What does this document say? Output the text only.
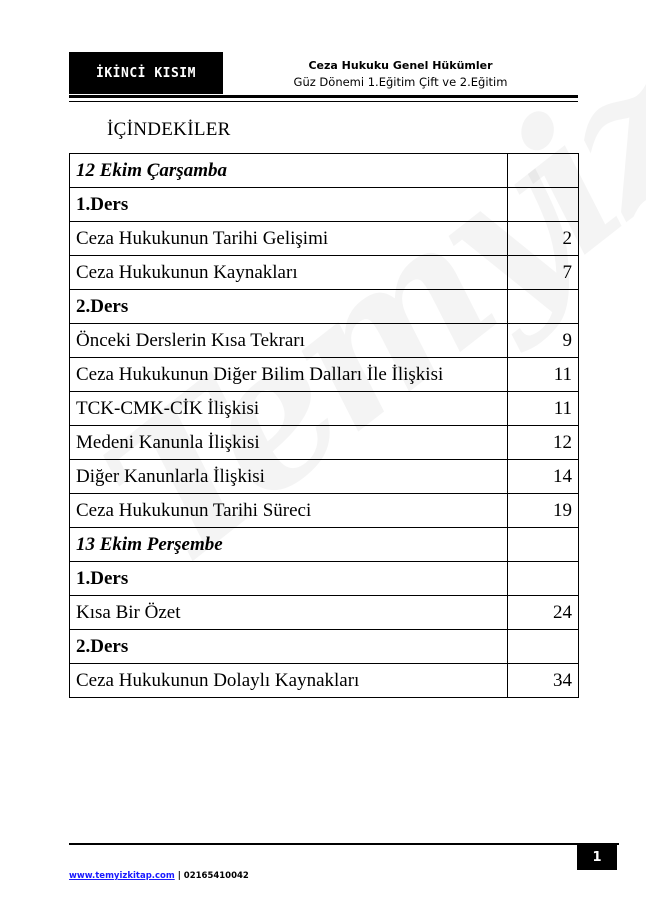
İKİNCİ KISIM	Ceza Hukuku Genel Hükümler
Güz Dönemi 1.Eğitim Çift ve 2.Eğitim
İÇİNDEKİLER
12 Ekim Çarşamba	
1.Ders	
Ceza Hukukunun Tarihi Gelişimi	2
Ceza Hukukunun Kaynakları	7
2.Ders	
Önceki Derslerin Kısa Tekrarı	9
Ceza Hukukunun Diğer Bilim Dalları İle İlişkisi	11
TCK-CMK-CİK İlişkisi	11
Medeni Kanunla İlişkisi	12
Diğer Kanunlarla İlişkisi	14
Ceza Hukukunun Tarihi Süreci	19
13 Ekim Perşembe	
1.Ders	
Kısa Bir Özet	24
2.Ders	
Ceza Hukukunun Dolaylı Kaynakları	34
1
www.temyizkitap.com | 02165410042
